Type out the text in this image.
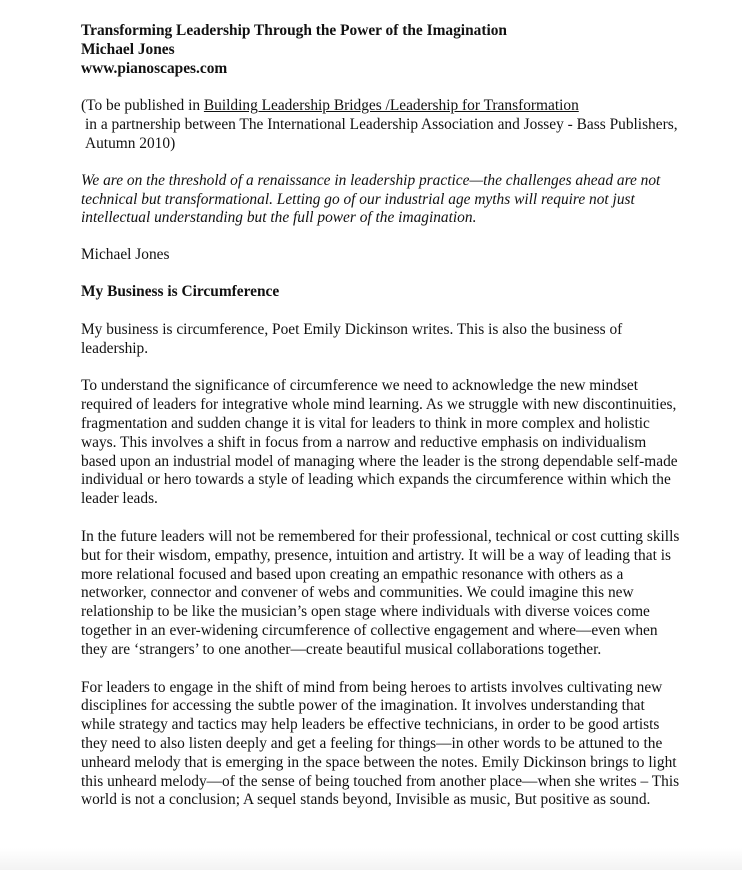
Transforming Leadership Through the Power of the Imagination

Michael Jones

www.pianoscapes.com

(To be published in Building Leadership Bridges /Leadership for Transformation
in a partnership between The International Leadership Association and Jossey - Bass Publishers, Autumn 2010)

We are on the threshold of a renaissance in leadership practice—the challenges ahead are not technical but transformational. Letting go of our industrial age myths will require not just intellectual understanding but the full power of the imagination.

Michael Jones

My Business is Circumference

My business is circumference, Poet Emily Dickinson writes. This is also the business of leadership.

To understand the significance of circumference we need to acknowledge the new mindset required of leaders for integrative whole mind learning. As we struggle with new discontinuities, fragmentation and sudden change it is vital for leaders to think in more complex and holistic ways. This involves a shift in focus from a narrow and reductive emphasis on individualism based upon an industrial model of managing where the leader is the strong dependable self-made individual or hero towards a style of leading which expands the circumference within which the leader leads.

In the future leaders will not be remembered for their professional, technical or cost cutting skills but for their wisdom, empathy, presence, intuition and artistry. It will be a way of leading that is more relational focused and based upon creating an empathic resonance with others as a networker, connector and convener of webs and communities. We could imagine this new relationship to be like the musician’s open stage where individuals with diverse voices come together in an ever-widening circumference of collective engagement and where—even when they are ‘strangers’ to one another—create beautiful musical collaborations together.

For leaders to engage in the shift of mind from being heroes to artists involves cultivating new disciplines for accessing the subtle power of the imagination. It involves understanding that while strategy and tactics may help leaders be effective technicians, in order to be good artists they need to also listen deeply and get a feeling for things—in other words to be attuned to the unheard melody that is emerging in the space between the notes. Emily Dickinson brings to light this unheard melody—of the sense of being touched from another place—when she writes – This world is not a conclusion; A sequel stands beyond, Invisible as music, But positive as sound.
